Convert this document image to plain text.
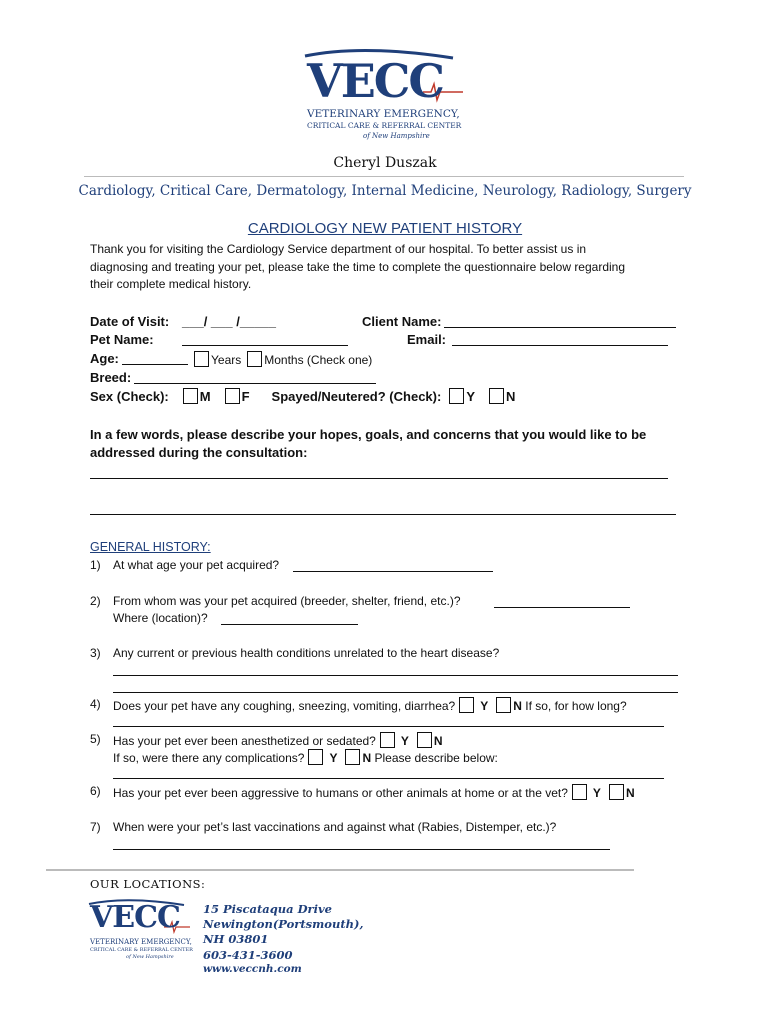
VECC
VETERINARY EMERGENCY,
CRITICAL CARE & REFERRAL CENTER
of New Hampshire
Cheryl Duszak
Cardiology, Critical Care, Dermatology, Internal Medicine, Neurology, Radiology, Surgery
CARDIOLOGY NEW PATIENT HISTORY
Thank you for visiting the Cardiology Service department of our hospital. To better assist us in
diagnosing and treating your pet, please take the time to complete the questionnaire below regarding
their complete medical history.
Date of Visit: ___/ ___ /_____	Client Name:
Pet Name:	Email:
Age:	Years Months (Check one)
Breed:
Sex (Check): M F Spayed/Neutered? (Check): Y N
In a few words, please describe your hopes, goals, and concerns that you would like to be
addressed during the consultation:
GENERAL HISTORY:
1) At what age your pet acquired?
2) From whom was your pet acquired (breeder, shelter, friend, etc.)?
Where (location)?
3) Any current or previous health conditions unrelated to the heart disease?
4) Does your pet have any coughing, sneezing, vomiting, diarrhea? Y N If so, for how long?
5) Has your pet ever been anesthetized or sedated? Y N
If so, were there any complications? Y N Please describe below:
6) Has your pet ever been aggressive to humans or other animals at home or at the vet? Y N
7) When were your pet’s last vaccinations and against what (Rabies, Distemper, etc.)?
OUR LOCATIONS:
VECC
VETERINARY EMERGENCY,
CRITICAL CARE & REFERRAL CENTER
of New Hampshire
15 Piscataqua Drive
Newington(Portsmouth),
NH 03801
603-431-3600
www.veccnh.com
